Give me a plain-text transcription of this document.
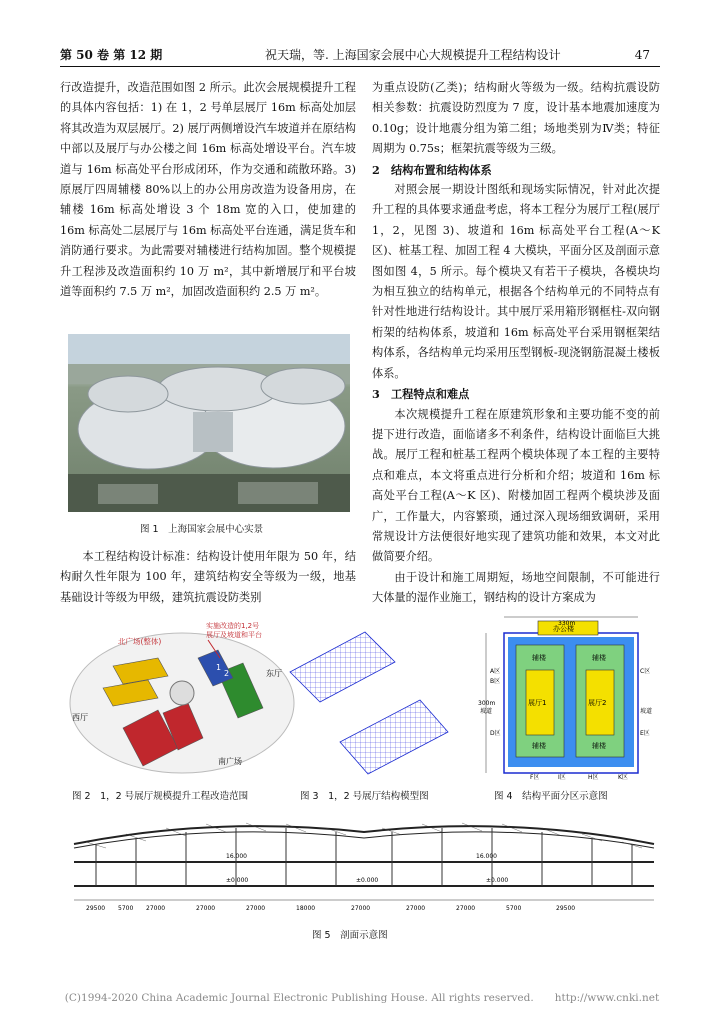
第 50 卷 第 12 期	祝天瑞，等. 上海国家会展中心大规模提升工程结构设计	47

行改造提升，改造范围如图 2 所示。此次会展规模提升工程的具体内容包括：1) 在 1，2 号单层展厅 16m 标高处加层将其改造为双层展厅。2) 展厅两侧增设汽车坡道并在原结构中部以及展厅与办公楼之间 16m 标高处增设平台。汽车坡道与 16m 标高处平台形成闭环，作为交通和疏散环路。3) 原展厅四周辅楼 80%以上的办公用房改造为设备用房，在辅楼 16m 标高处增设 3 个 18m 宽的入口，使加建的 16m 标高处二层展厅与 16m 标高处平台连通，满足货车和消防通行要求。为此需要对辅楼进行结构加固。整个规模提升工程涉及改造面积约 10 万 m²，其中新增展厅和平台坡道等面积约 7.5 万 m²，加固改造面积约 2.5 万 m²。

图 1　上海国家会展中心实景

本工程结构设计标准：结构设计使用年限为 50 年，结构耐久性年限为 100 年，建筑结构安全等级为一级，地基基础设计等级为甲级，建筑抗震设防类别

为重点设防(乙类)；结构耐火等级为一级。结构抗震设防相关参数：抗震设防烈度为 7 度，设计基本地震加速度为 0.10g；设计地震分组为第二组；场地类别为Ⅳ类；特征周期为 0.75s；框架抗震等级为三级。

2　结构布置和结构体系

对照会展一期设计图纸和现场实际情况，针对此次提升工程的具体要求通盘考虑，将本工程分为展厅工程(展厅 1，2，见图 3)、坡道和 16m 标高处平台工程(A～K 区)、桩基工程、加固工程 4 大模块，平面分区及剖面示意图如图 4，5 所示。每个模块又有若干子模块，各模块均为相互独立的结构单元，根据各个结构单元的不同特点有针对性地进行结构设计。其中展厅采用箱形钢框柱-双向钢桁架的结构体系，坡道和 16m 标高处平台采用钢框架结构体系，各结构单元均采用压型钢板-现浇钢筋混凝土楼板体系。

3　工程特点和难点

本次规模提升工程在原建筑形象和主要功能不变的前提下进行改造，面临诸多不利条件，结构设计面临巨大挑战。展厅工程和桩基工程两个模块体现了本工程的主要特点和难点，本文将重点进行分析和介绍；坡道和 16m 标高处平台工程(A～K 区)、附楼加固工程两个模块涉及面广，工作量大，内容繁琐，通过深入现场细致调研，采用常规设计方法便很好地实现了建筑功能和效果，本文对此做简要介绍。

由于设计和施工周期短，场地空间限制，不可能进行大体量的湿作业施工，钢结构的设计方案成为

1
2
北广场(整体)
实施改造的1,2号
展厅及坡道和平台
东厅
西厅
南广场
图 2　1，2 号展厅规模提升工程改造范围	图 3　1，2 号展厅结构模型图
330m
办公楼
300m
辅楼	辅楼
辅楼	辅楼
展厅1	展厅2
A区
B区
C区
D区	E区
F区	H区
I区	K区
坡道	坡道
图 4　结构平面分区示意图
16.000	16.000
±0.000	±0.000
±0.000
29500 5700 27000	27000	27000	18000	27000	27000	27000	5700	29500
图 5　剖面示意图
(C)1994-2020 China Academic Journal Electronic Publishing House. All rights reserved.　　http://www.cnki.net
